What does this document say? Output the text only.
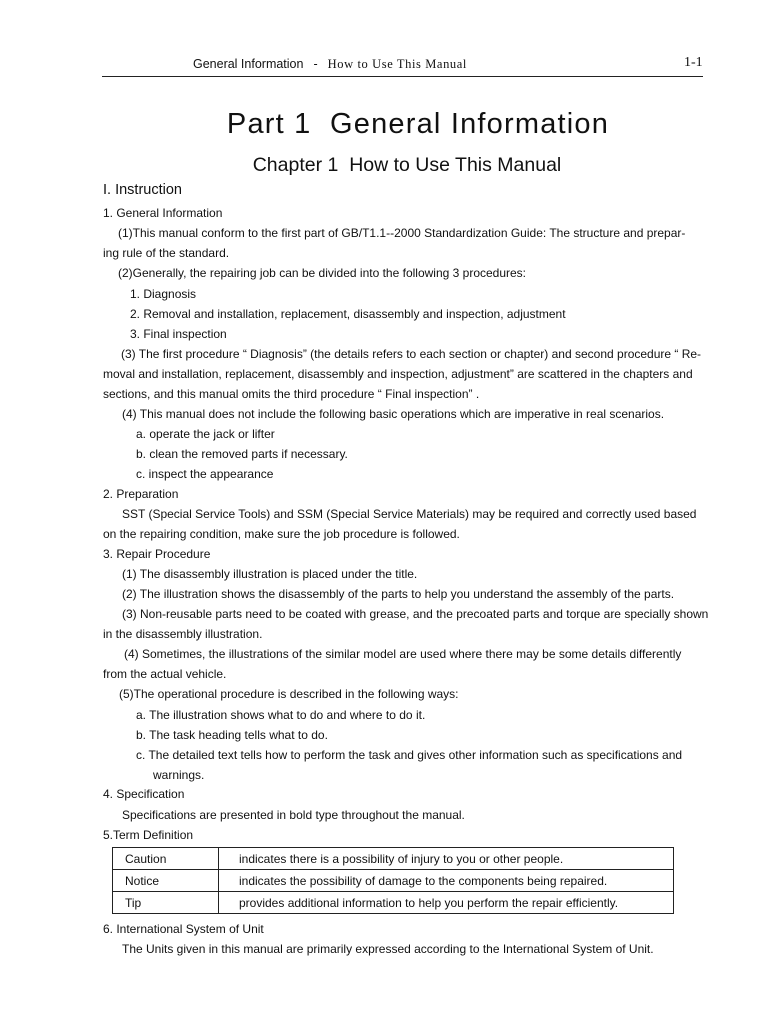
General Information - How to Use This Manual	1-1
Part 1  General Information
Chapter 1  How to Use This Manual
I. Instruction
1. General Information
(1)This manual conform to the first part of GB/T1.1--2000 Standardization Guide: The structure and prepar-
ing rule of the standard.
(2)Generally, the repairing job can be divided into the following 3 procedures:
1. Diagnosis
2. Removal and installation, replacement, disassembly and inspection, adjustment
3. Final inspection
(3) The first procedure “ Diagnosis” (the details refers to each section or chapter) and second procedure “ Re-
moval and installation, replacement, disassembly and inspection, adjustment” are scattered in the chapters and
sections, and this manual omits the third procedure “ Final inspection” .
(4) This manual does not include the following basic operations which are imperative in real scenarios.
a. operate the jack or lifter
b. clean the removed parts if necessary.
c. inspect the appearance
2. Preparation
SST (Special Service Tools) and SSM (Special Service Materials) may be required and correctly used based
on the repairing condition, make sure the job procedure is followed.
3. Repair Procedure
(1) The disassembly illustration is placed under the title.
(2) The illustration shows the disassembly of the parts to help you understand the assembly of the parts.
(3) Non-reusable parts need to be coated with grease, and the precoated parts and torque are specially shown
in the disassembly illustration.
(4) Sometimes, the illustrations of the similar model are used where there may be some details differently
from the actual vehicle.
(5)The operational procedure is described in the following ways:
a. The illustration shows what to do and where to do it.
b. The task heading tells what to do.
c. The detailed text tells how to perform the task and gives other information such as specifications and
warnings.
4. Specification
Specifications are presented in bold type throughout the manual.
5.Term Definition
Caution	indicates there is a possibility of injury to you or other people.
Notice	indicates the possibility of damage to the components being repaired.
Tip	provides additional information to help you perform the repair efficiently.
6. International System of Unit
The Units given in this manual are primarily expressed according to the International System of Unit.
